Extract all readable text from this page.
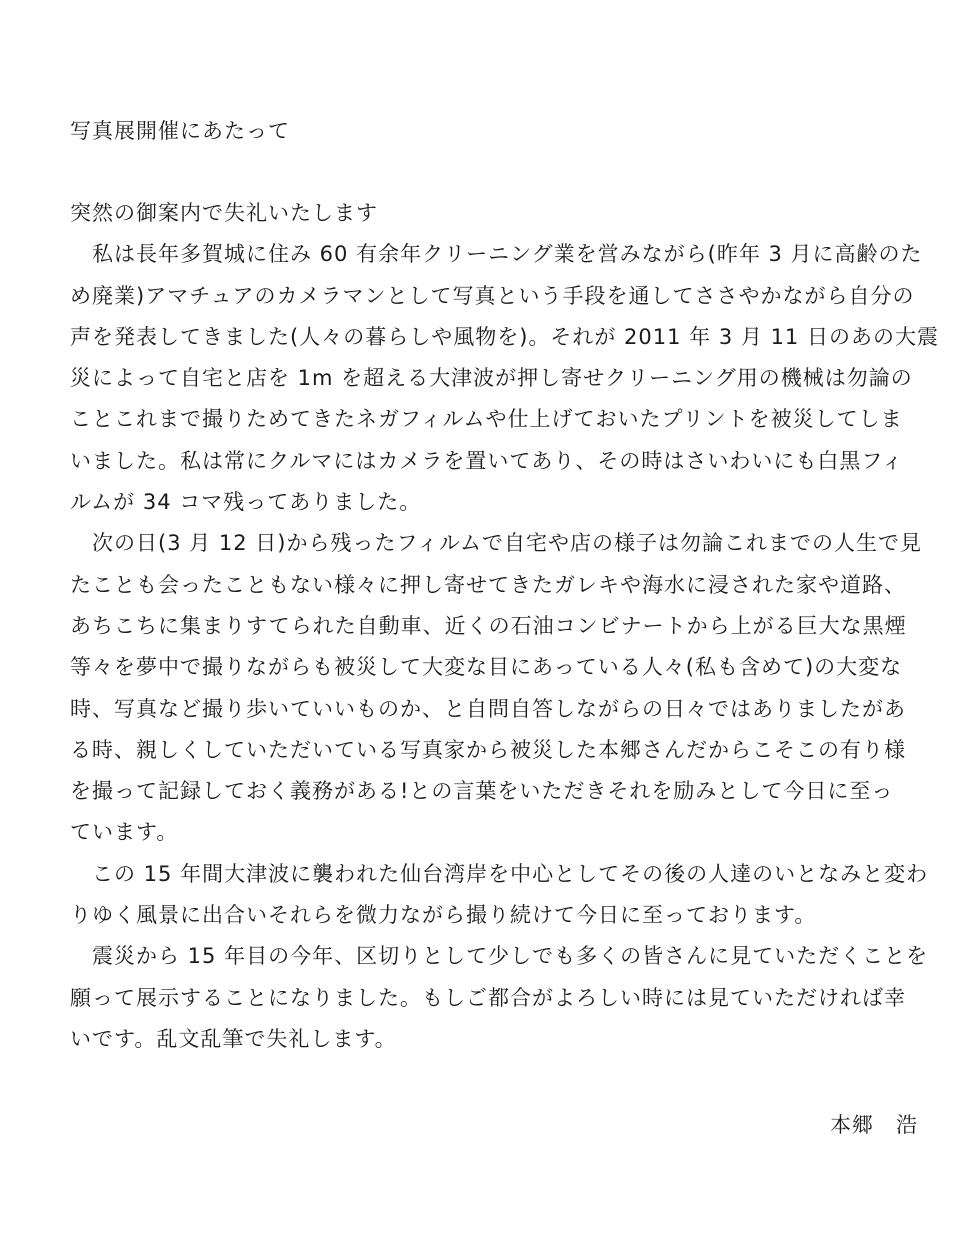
写真展開催にあたって
突然の御案内で失礼いたします
私は長年多賀城に住み 60 有余年クリーニング業を営みながら(昨年 3 月に高齢のた
め廃業)アマチュアのカメラマンとして写真という手段を通してささやかながら自分の
声を発表してきました(人々の暮らしや風物を)。それが 2011 年 3 月 11 日のあの大震
災によって自宅と店を 1m を超える大津波が押し寄せクリーニング用の機械は勿論の
ことこれまで撮りためてきたネガフィルムや仕上げておいたプリントを被災してしま
いました。私は常にクルマにはカメラを置いてあり、その時はさいわいにも白黒フィ
ルムが 34 コマ残ってありました。
次の日(3 月 12 日)から残ったフィルムで自宅や店の様子は勿論これまでの人生で見
たことも会ったこともない様々に押し寄せてきたガレキや海水に浸された家や道路、
あちこちに集まりすてられた自動車、近くの石油コンビナートから上がる巨大な黒煙
等々を夢中で撮りながらも被災して大変な目にあっている人々(私も含めて)の大変な
時、写真など撮り歩いていいものか、と自問自答しながらの日々ではありましたがあ
る時、親しくしていただいている写真家から被災した本郷さんだからこそこの有り様
を撮って記録しておく義務がある!との言葉をいただきそれを励みとして今日に至っ
ています。
この 15 年間大津波に襲われた仙台湾岸を中心としてその後の人達のいとなみと変わ
りゆく風景に出合いそれらを微力ながら撮り続けて今日に至っております。
震災から 15 年目の今年、区切りとして少しでも多くの皆さんに見ていただくことを
願って展示することになりました。もしご都合がよろしい時には見ていただければ幸
いです。乱文乱筆で失礼します。
本郷　浩
